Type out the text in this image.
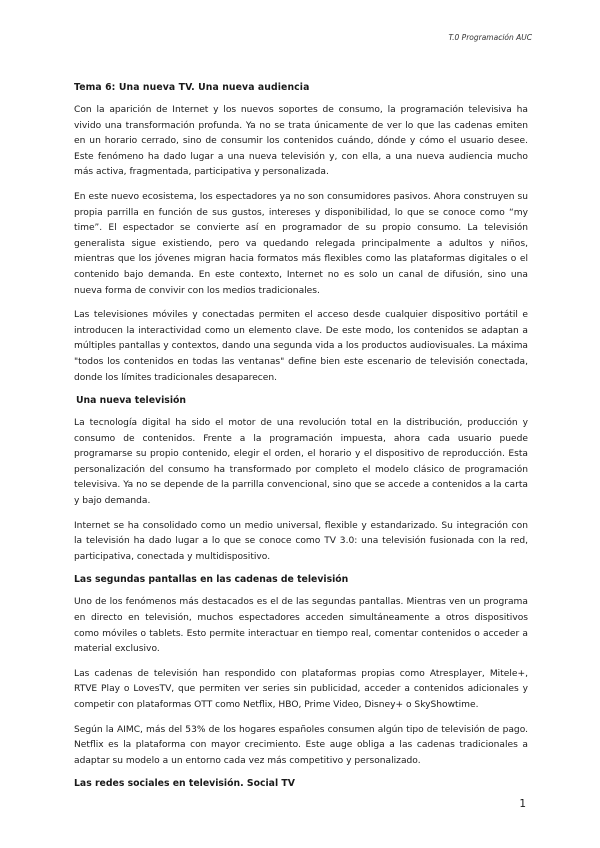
T.0 Programación AUC
Tema 6: Una nueva TV. Una nueva audiencia

Con la aparición de Internet y los nuevos soportes de consumo, la programación televisiva ha vivido una transformación profunda. Ya no se trata únicamente de ver lo que las cadenas emiten en un horario cerrado, sino de consumir los contenidos cuándo, dónde y cómo el usuario desee. Este fenómeno ha dado lugar a una nueva televisión y, con ella, a una nueva audiencia mucho más activa, fragmentada, participativa y personalizada.

En este nuevo ecosistema, los espectadores ya no son consumidores pasivos. Ahora construyen su propia parrilla en función de sus gustos, intereses y disponibilidad, lo que se conoce como “my time”. El espectador se convierte así en programador de su propio consumo. La televisión generalista sigue existiendo, pero va quedando relegada principalmente a adultos y niños, mientras que los jóvenes migran hacia formatos más flexibles como las plataformas digitales o el contenido bajo demanda. En este contexto, Internet no es solo un canal de difusión, sino una nueva forma de convivir con los medios tradicionales.

Las televisiones móviles y conectadas permiten el acceso desde cualquier dispositivo portátil e introducen la interactividad como un elemento clave. De este modo, los contenidos se adaptan a múltiples pantallas y contextos, dando una segunda vida a los productos audiovisuales. La máxima "todos los contenidos en todas las ventanas" define bien este escenario de televisión conectada, donde los límites tradicionales desaparecen.

Una nueva televisión

La tecnología digital ha sido el motor de una revolución total en la distribución, producción y consumo de contenidos. Frente a la programación impuesta, ahora cada usuario puede programarse su propio contenido, elegir el orden, el horario y el dispositivo de reproducción. Esta personalización del consumo ha transformado por completo el modelo clásico de programación televisiva. Ya no se depende de la parrilla convencional, sino que se accede a contenidos a la carta y bajo demanda.

Internet se ha consolidado como un medio universal, flexible y estandarizado. Su integración con la televisión ha dado lugar a lo que se conoce como TV 3.0: una televisión fusionada con la red, participativa, conectada y multidispositivo.

Las segundas pantallas en las cadenas de televisión

Uno de los fenómenos más destacados es el de las segundas pantallas. Mientras ven un programa en directo en televisión, muchos espectadores acceden simultáneamente a otros dispositivos como móviles o tablets. Esto permite interactuar en tiempo real, comentar contenidos o acceder a material exclusivo.

Las cadenas de televisión han respondido con plataformas propias como Atresplayer, Mitele+, RTVE Play o LovesTV, que permiten ver series sin publicidad, acceder a contenidos adicionales y competir con plataformas OTT como Netflix, HBO, Prime Video, Disney+ o SkyShowtime.

Según la AIMC, más del 53% de los hogares españoles consumen algún tipo de televisión de pago. Netflix es la plataforma con mayor crecimiento. Este auge obliga a las cadenas tradicionales a adaptar su modelo a un entorno cada vez más competitivo y personalizado.

Las redes sociales en televisión. Social TV
1
